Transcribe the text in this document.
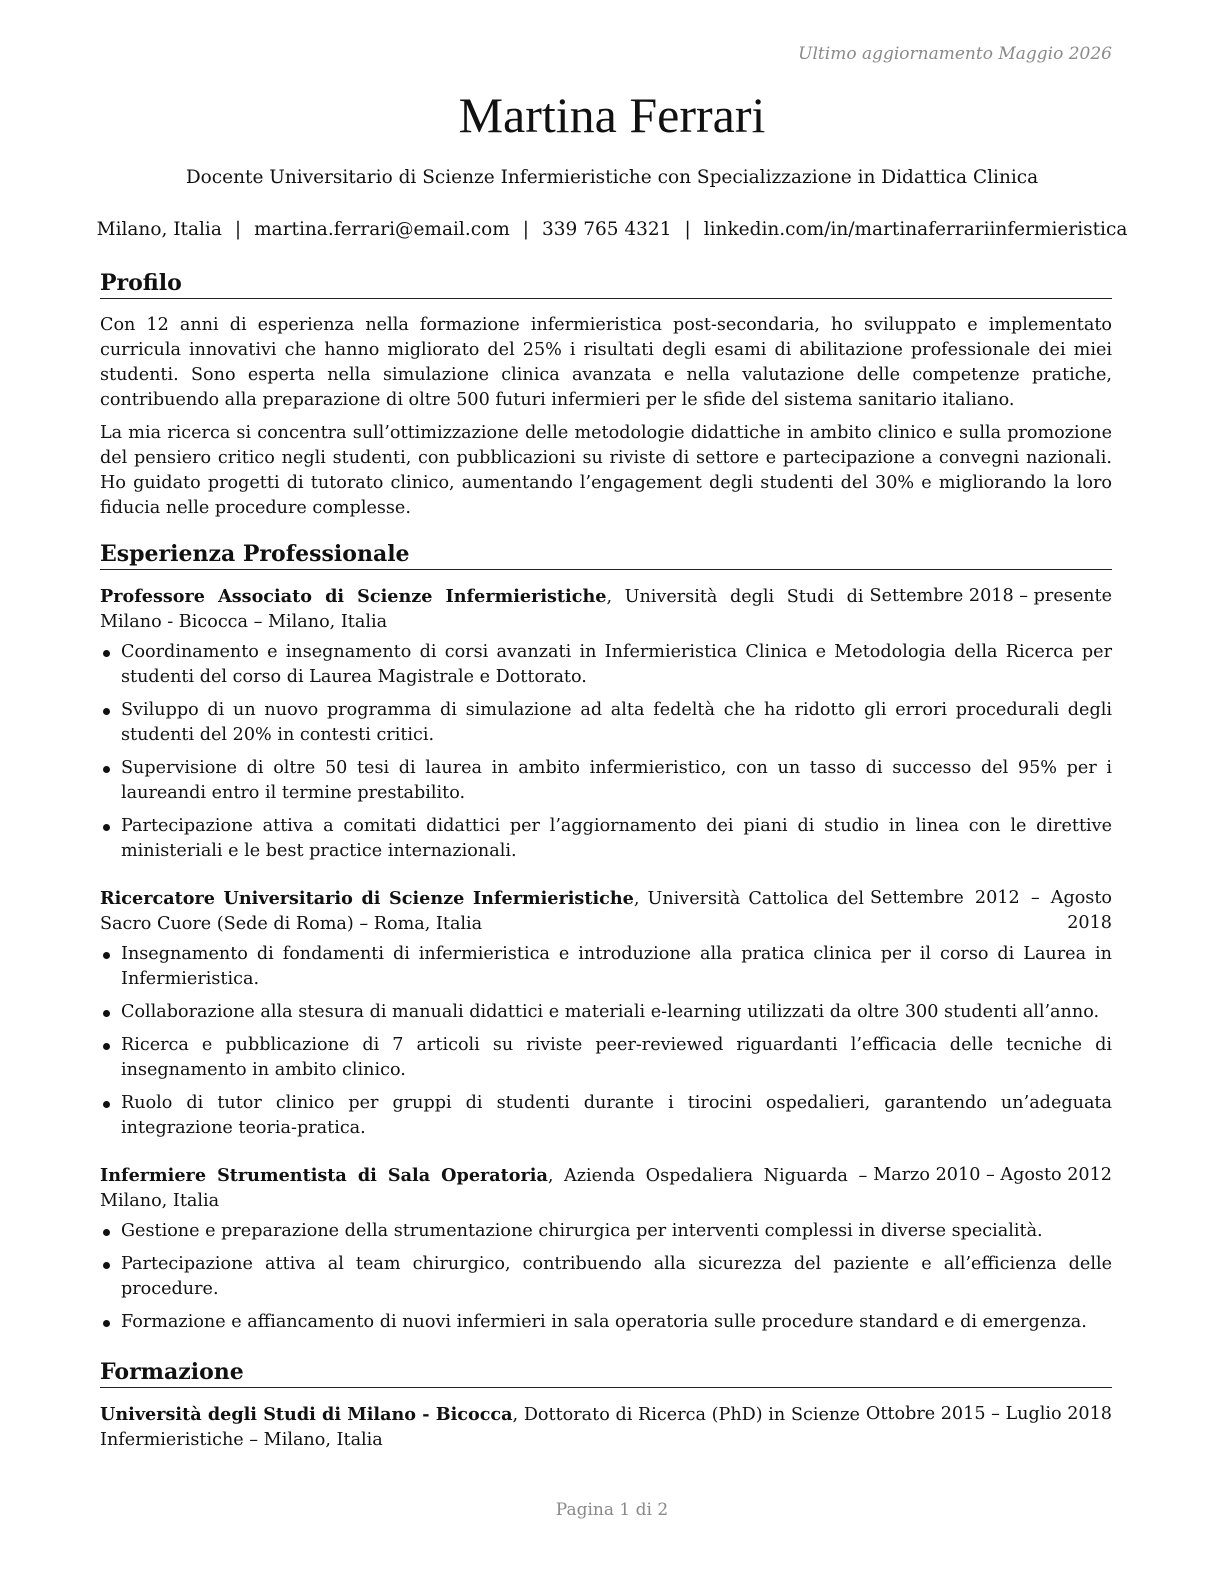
Ultimo aggiornamento Maggio 2026
Martina Ferrari
Docente Universitario di Scienze Infermieristiche con Specializzazione in Didattica Clinica
Milano, Italia | martina.ferrari@email.com | 339 765 4321 | linkedin.com/in/martinaferrariinfermieristica
Profilo

Con 12 anni di esperienza nella formazione infermieristica post-secondaria, ho sviluppato e implementato curricula innovativi che hanno migliorato del 25% i risultati degli esami di abilitazione professionale dei miei studenti. Sono esperta nella simulazione clinica avanzata e nella valutazione delle competenze pratiche, contribuendo alla preparazione di oltre 500 futuri infermieri per le sfide del sistema sanitario italiano.

La mia ricerca si concentra sull’ottimizzazione delle metodologie didattiche in ambito clinico e sulla promozione del pensiero critico negli studenti, con pubblicazioni su riviste di settore e partecipazione a convegni nazionali. Ho guidato progetti di tutorato clinico, aumentando l’engagement degli studenti del 30% e migliorando la loro fiducia nelle procedure complesse.

Esperienza Professionale
Professore Associato di Scienze Infermieristiche, Università degli Studi di Milano - Bicocca – Milano, Italia
Settembre 2018 – presente
Coordinamento e insegnamento di corsi avanzati in Infermieristica Clinica e Metodologia della Ricerca per studenti del corso di Laurea Magistrale e Dottorato.
Sviluppo di un nuovo programma di simulazione ad alta fedeltà che ha ridotto gli errori procedurali degli studenti del 20% in contesti critici.
Supervisione di oltre 50 tesi di laurea in ambito infermieristico, con un tasso di successo del 95% per i laureandi entro il termine prestabilito.
Partecipazione attiva a comitati didattici per l’aggiornamento dei piani di studio in linea con le direttive ministeriali e le best practice internazionali.
Ricercatore Universitario di Scienze Infermieristiche, Università Cattolica del Sacro Cuore (Sede di Roma) – Roma, Italia
Settembre 2012 – Agosto 2018
Insegnamento di fondamenti di infermieristica e introduzione alla pratica clinica per il corso di Laurea in Infermieristica.
Collaborazione alla stesura di manuali didattici e materiali e-learning utilizzati da oltre 300 studenti all’anno.
Ricerca e pubblicazione di 7 articoli su riviste peer-reviewed riguardanti l’efficacia delle tecniche di insegnamento in ambito clinico.
Ruolo di tutor clinico per gruppi di studenti durante i tirocini ospedalieri, garantendo un’adeguata integrazione teoria-pratica.
Infermiere Strumentista di Sala Operatoria, Azienda Ospedaliera Niguarda – Milano, Italia
Marzo 2010 – Agosto 2012
Gestione e preparazione della strumentazione chirurgica per interventi complessi in diverse specialità.
Partecipazione attiva al team chirurgico, contribuendo alla sicurezza del paziente e all’efficienza delle procedure.
Formazione e affiancamento di nuovi infermieri in sala operatoria sulle procedure standard e di emergenza.
Formazione
Università degli Studi di Milano - Bicocca, Dottorato di Ricerca (PhD) in Scienze Infermieristiche – Milano, Italia
Ottobre 2015 – Luglio 2018
Pagina 1 di 2
